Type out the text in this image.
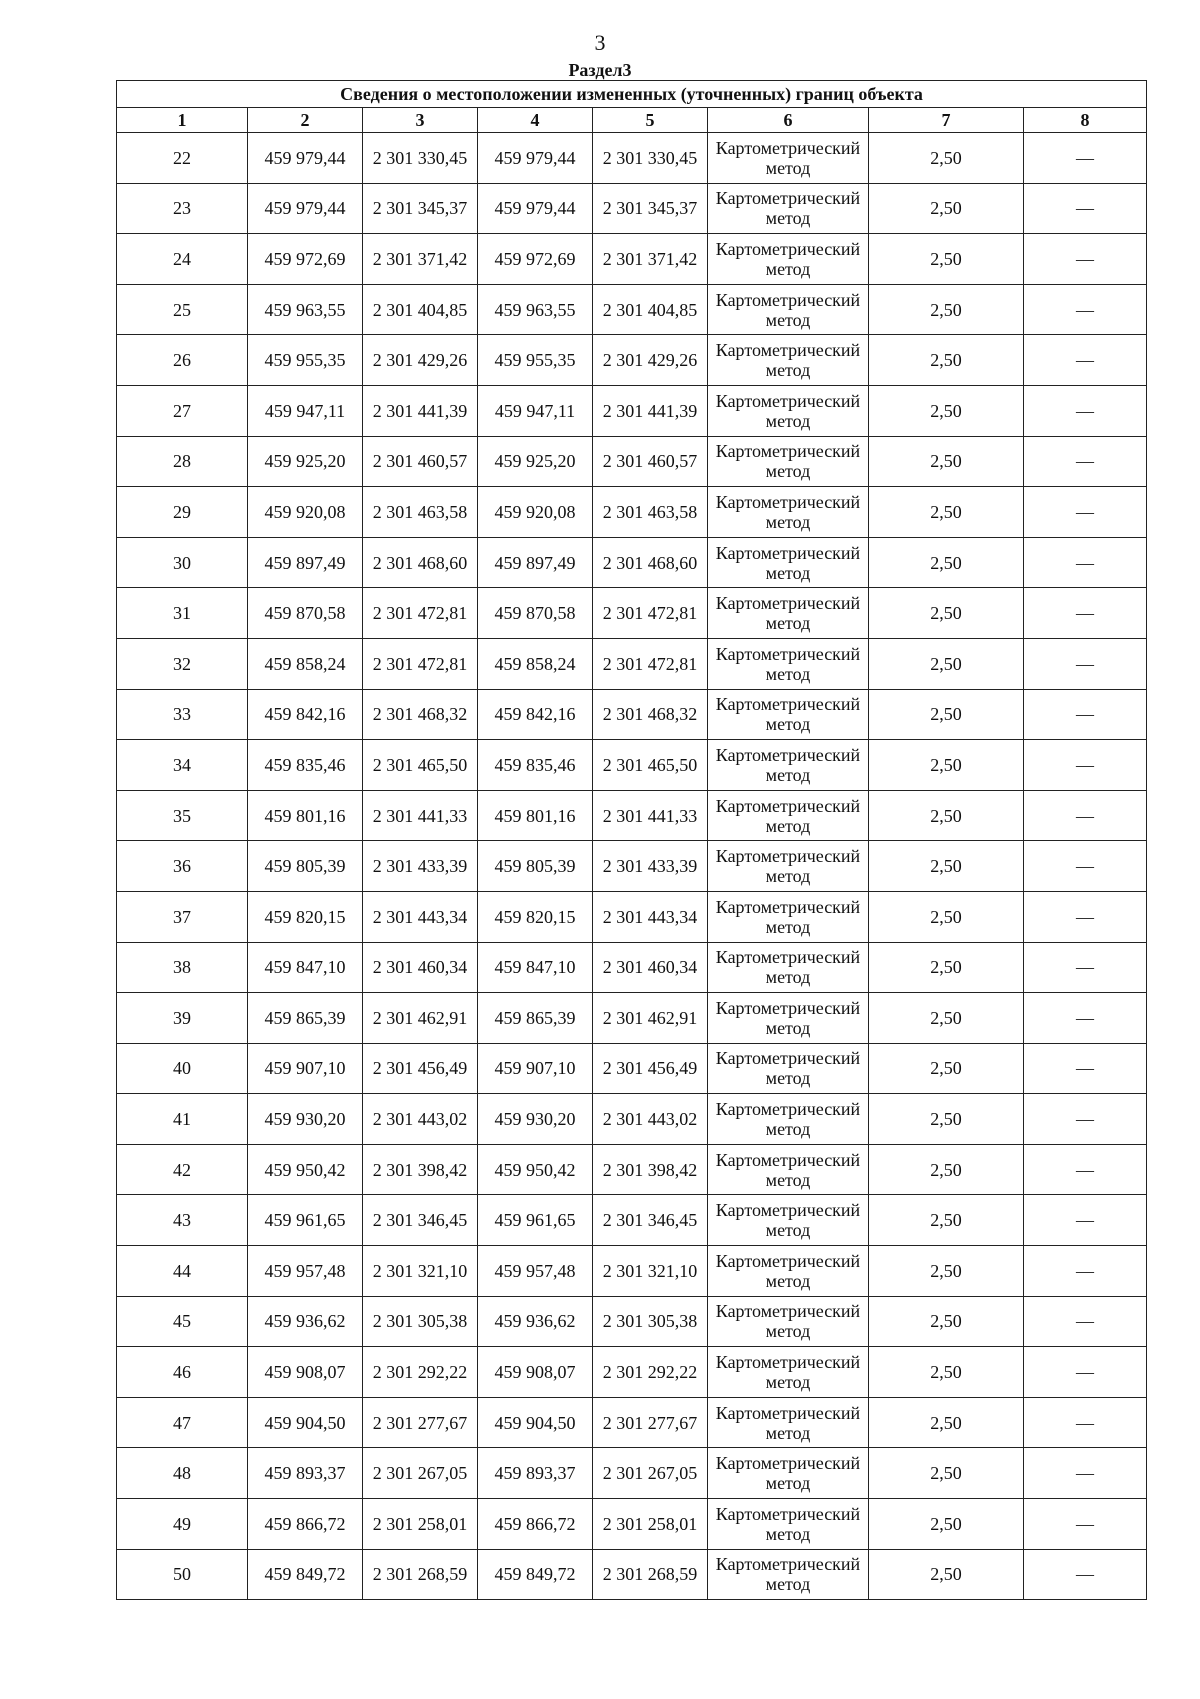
3
Раздел3
Сведения о местоположении измененных (уточненных) границ объекта							
1	2	3	4	5	6	7	8
22	459 979,44	2 301 330,45	459 979,44	2 301 330,45	Картометрический метод	2,50	—
23	459 979,44	2 301 345,37	459 979,44	2 301 345,37	Картометрический метод	2,50	—
24	459 972,69	2 301 371,42	459 972,69	2 301 371,42	Картометрический метод	2,50	—
25	459 963,55	2 301 404,85	459 963,55	2 301 404,85	Картометрический метод	2,50	—
26	459 955,35	2 301 429,26	459 955,35	2 301 429,26	Картометрический метод	2,50	—
27	459 947,11	2 301 441,39	459 947,11	2 301 441,39	Картометрический метод	2,50	—
28	459 925,20	2 301 460,57	459 925,20	2 301 460,57	Картометрический метод	2,50	—
29	459 920,08	2 301 463,58	459 920,08	2 301 463,58	Картометрический метод	2,50	—
30	459 897,49	2 301 468,60	459 897,49	2 301 468,60	Картометрический метод	2,50	—
31	459 870,58	2 301 472,81	459 870,58	2 301 472,81	Картометрический метод	2,50	—
32	459 858,24	2 301 472,81	459 858,24	2 301 472,81	Картометрический метод	2,50	—
33	459 842,16	2 301 468,32	459 842,16	2 301 468,32	Картометрический метод	2,50	—
34	459 835,46	2 301 465,50	459 835,46	2 301 465,50	Картометрический метод	2,50	—
35	459 801,16	2 301 441,33	459 801,16	2 301 441,33	Картометрический метод	2,50	—
36	459 805,39	2 301 433,39	459 805,39	2 301 433,39	Картометрический метод	2,50	—
37	459 820,15	2 301 443,34	459 820,15	2 301 443,34	Картометрический метод	2,50	—
38	459 847,10	2 301 460,34	459 847,10	2 301 460,34	Картометрический метод	2,50	—
39	459 865,39	2 301 462,91	459 865,39	2 301 462,91	Картометрический метод	2,50	—
40	459 907,10	2 301 456,49	459 907,10	2 301 456,49	Картометрический метод	2,50	—
41	459 930,20	2 301 443,02	459 930,20	2 301 443,02	Картометрический метод	2,50	—
42	459 950,42	2 301 398,42	459 950,42	2 301 398,42	Картометрический метод	2,50	—
43	459 961,65	2 301 346,45	459 961,65	2 301 346,45	Картометрический метод	2,50	—
44	459 957,48	2 301 321,10	459 957,48	2 301 321,10	Картометрический метод	2,50	—
45	459 936,62	2 301 305,38	459 936,62	2 301 305,38	Картометрический метод	2,50	—
46	459 908,07	2 301 292,22	459 908,07	2 301 292,22	Картометрический метод	2,50	—
47	459 904,50	2 301 277,67	459 904,50	2 301 277,67	Картометрический метод	2,50	—
48	459 893,37	2 301 267,05	459 893,37	2 301 267,05	Картометрический метод	2,50	—
49	459 866,72	2 301 258,01	459 866,72	2 301 258,01	Картометрический метод	2,50	—
50	459 849,72	2 301 268,59	459 849,72	2 301 268,59	Картометрический метод	2,50	—
